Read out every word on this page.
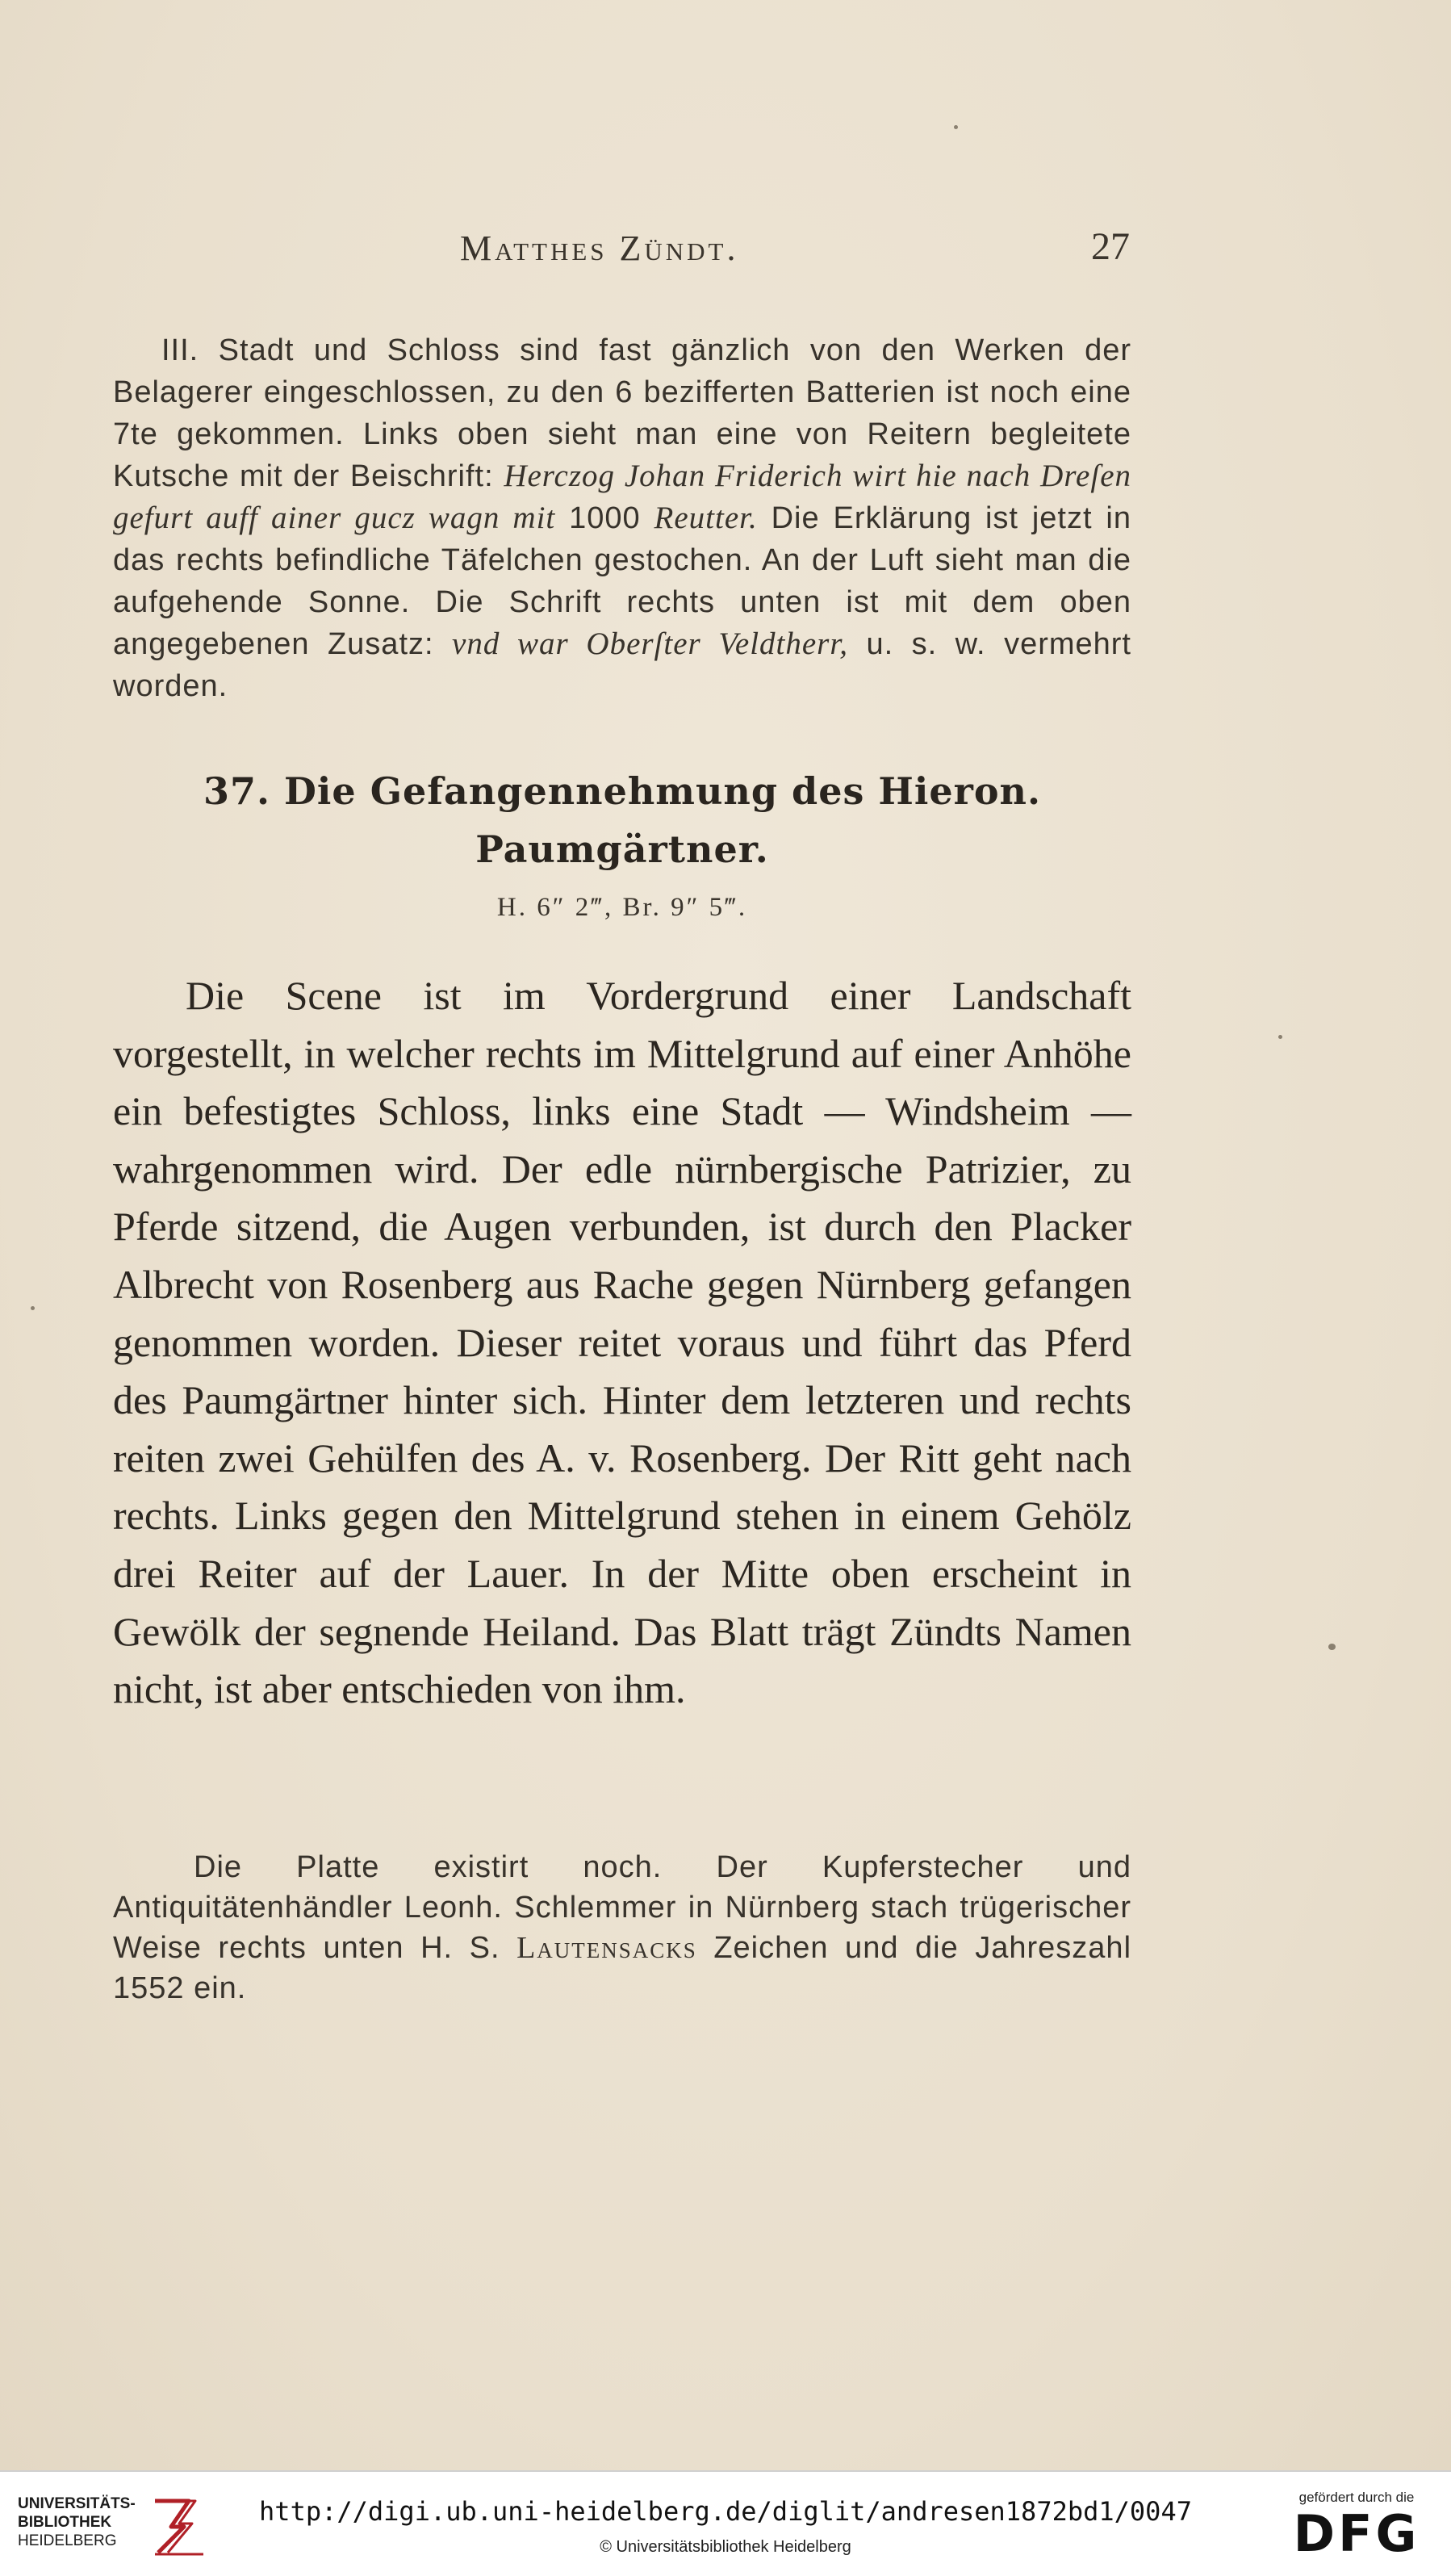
Matthes Zündt.	27

III. Stadt und Schloss sind fast gänzlich von den Werken der Belagerer eingeschlossen, zu den 6 bezifferten Batterien ist noch eine 7te gekommen. Links oben sieht man eine von Reitern begleitete Kutsche mit der Beischrift: Herczog Johan Friderich wirt hie nach Dreſen gefurt auff ainer gucz wagn mit 1000 Reutter. Die Erklärung ist jetzt in das rechts befindliche Täfelchen gestochen. An der Luft sieht man die aufgehende Sonne. Die Schrift rechts unten ist mit dem oben angegebenen Zusatz: vnd war Oberſter Veldtherr, u. s. w. vermehrt worden.

37. Die Gefangennehmung des Hieron.
Paumgärtner.
H. 6″ 2‴, Br. 9″ 5‴.

Die Scene ist im Vordergrund einer Landschaft vorgestellt, in welcher rechts im Mittelgrund auf einer Anhöhe ein befestigtes Schloss, links eine Stadt — Windsheim — wahrgenommen wird. Der edle nürnbergische Patrizier, zu Pferde sitzend, die Augen verbunden, ist durch den Placker Albrecht von Rosenberg aus Rache gegen Nürnberg gefangen genommen worden. Dieser reitet voraus und führt das Pferd des Paumgärtner hinter sich. Hinter dem letzteren und rechts reiten zwei Gehülfen des A. v. Rosenberg. Der Ritt geht nach rechts. Links gegen den Mittelgrund stehen in einem Gehölz drei Reiter auf der Lauer. In der Mitte oben erscheint in Gewölk der segnende Heiland. Das Blatt trägt Zündts Namen nicht, ist aber entschieden von ihm.

Die Platte existirt noch. Der Kupferstecher und Antiquitätenhändler Leonh. Schlemmer in Nürnberg stach trügerischer Weise rechts unten H. S. Lautensacks Zeichen und die Jahreszahl 1552 ein.

UNIVERSITÄTS-
BIBLIOTHEK
HEIDELBERG
http://digi.ub.uni-heidelberg.de/diglit/andresen1872bd1/0047
© Universitätsbibliothek Heidelberg
gefördert durch die
DFG
